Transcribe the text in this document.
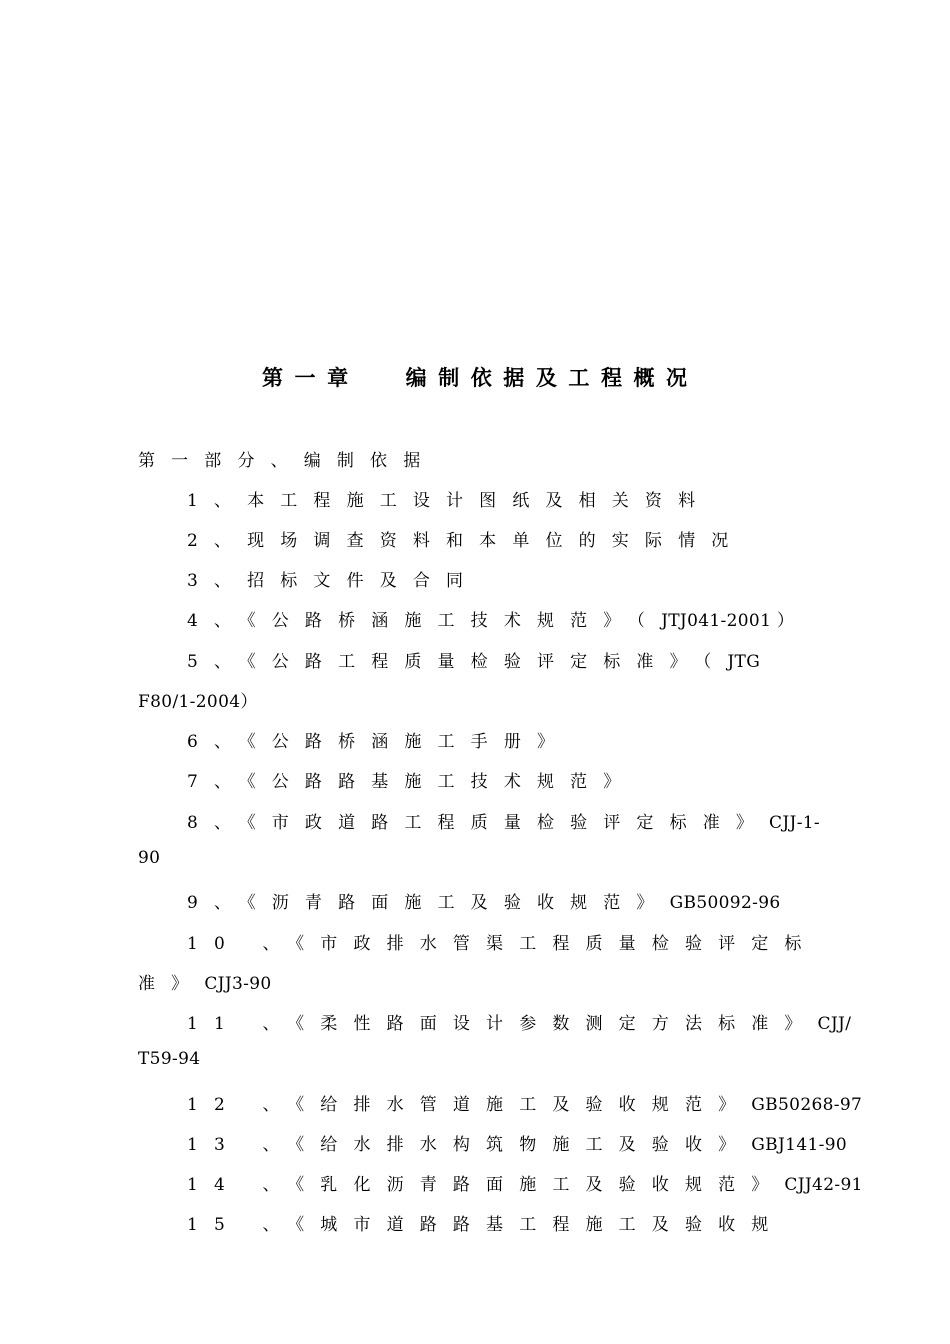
第一章 编制依据及工程概况

第一部分、编制依据

1、本工程施工设计图纸及相关资料

2、现场调查资料和本单位的实际情况

3、招标文件及合同

4、《公路桥涵施工技术规范》（JTJ041-2001 ）

5、《公路工程质量检验评定标准》（JTG

F80/1-2004）

6、《公路桥涵施工手册》

7、《公路路基施工技术规范》

8、《市政道路工程质量检验评定标准》CJJ-1-

90

9、《沥青路面施工及验收规范》GB50092-96

10 、《市政排水管渠工程质量检验评定标

准》CJJ3-90

11 、《柔性路面设计参数测定方法标准》CJJ/

T59-94

12 、《给排水管道施工及验收规范》GB50268-97

13 、《给水排水构筑物施工及验收》GBJ141-90

14 、《乳化沥青路面施工及验收规范》CJJ42-91

15 、《城市道路路基工程施工及验收规
